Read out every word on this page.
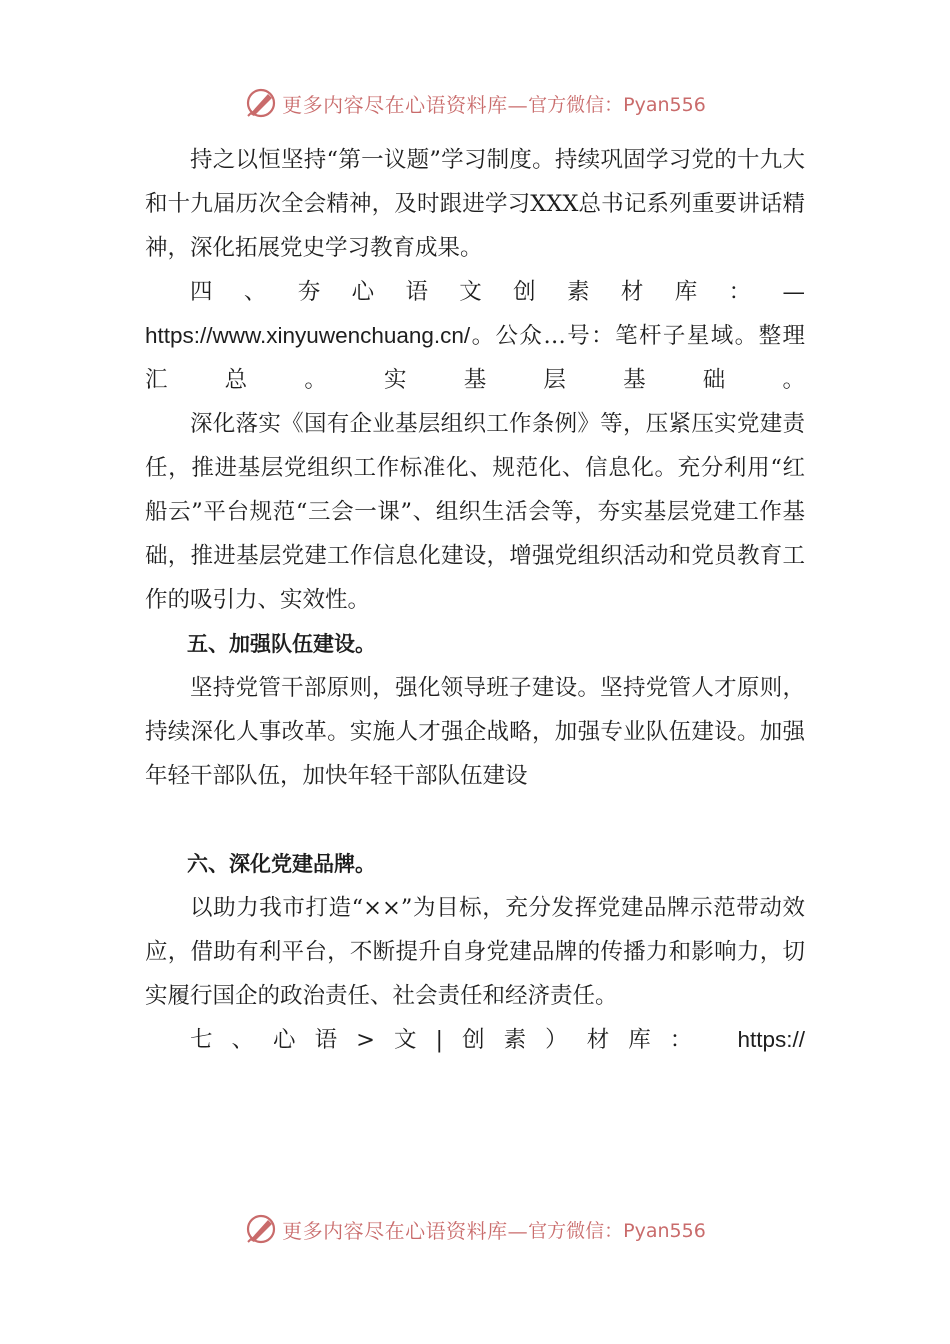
更多内容尽在心语资料库— 官方微信：Pyan556

持之以恒坚持“第一议题”学习制度。持续巩固学习党的十九大和十九届历次全会精神，及时跟进学习XXX总书记系列重要讲话精神，深化拓展党史学习教育成果。

四、夯心语文创素材库：— https://www.xinyuwenchuang.cn/。公众…号：笔杆子星域。整理汇总。实基层基础。

深化落实《国有企业基层组织工作条例》等，压紧压实党建责任，推进基层党组织工作标准化、规范化、信息化。充分利用“红船云”平台规范“三会一课”、组织生活会等，夯实基层党建工作基础，推进基层党建工作信息化建设，增强党组织活动和党员教育工作的吸引力、实效性。

五、加强队伍建设。

坚持党管干部原则，强化领导班子建设。坚持党管人才原则，持续深化人事改革。实施人才强企战略，加强专业队伍建设。加强年轻干部队伍，加快年轻干部队伍建设

六、深化党建品牌。

以助力我市打造“××”为目标，充分发挥党建品牌示范带动效应，借助有利平台，不断提升自身党建品牌的传播力和影响力，切实履行国企的政治责任、社会责任和经济责任。

七、心语>文|创素）材库： https://

更多内容尽在心语资料库— 官方微信：Pyan556
